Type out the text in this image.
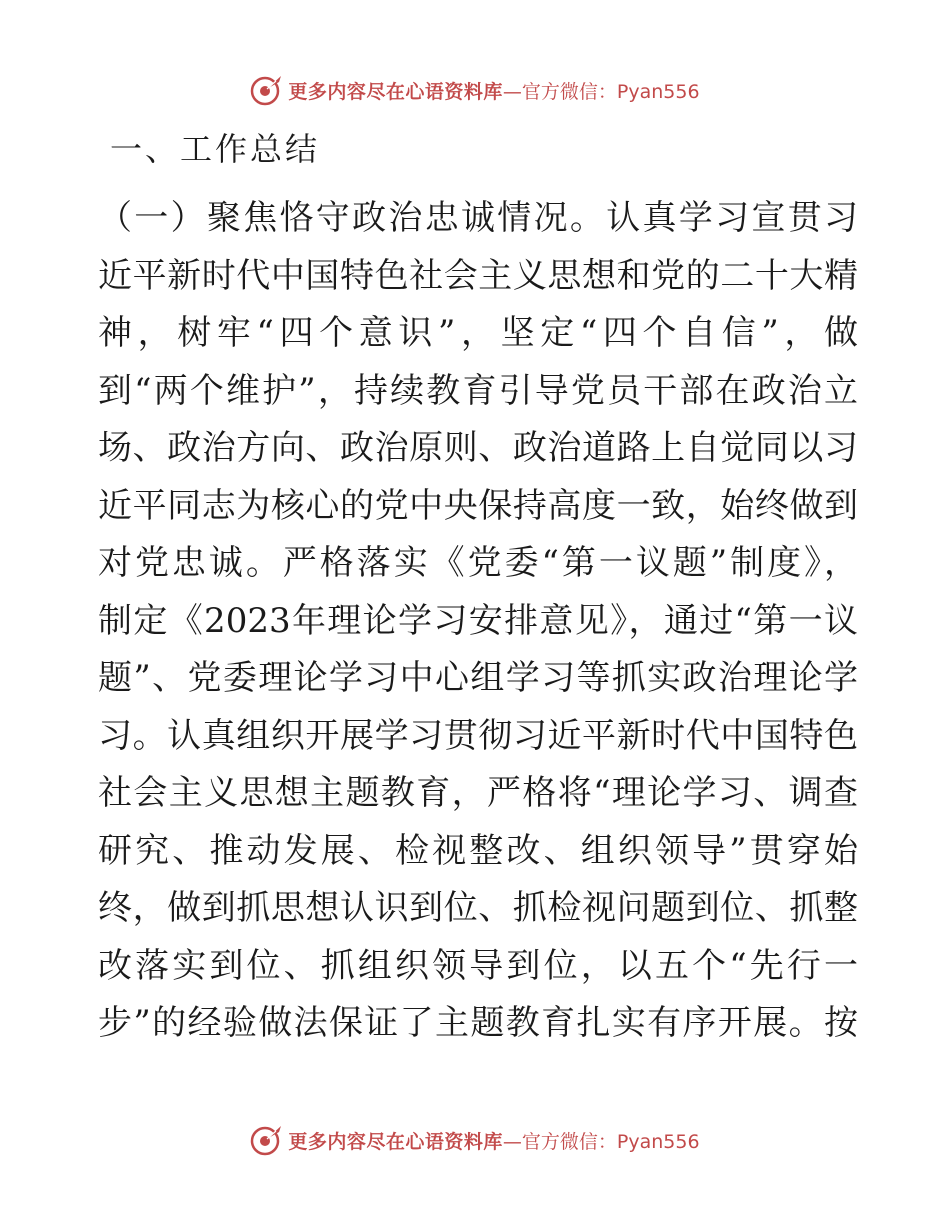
更多内容尽在心语资料库 —官方微信：Pyan556
一、工作总结
（一）聚焦恪守政治忠诚情况。认真学习宣贯习
近平新时代中国特色社会主义思想和党的二十大精
神，树牢“四个意识”，坚定“四个自信”，做
到“两个维护”，持续教育引导党员干部在政治立
场、政治方向、政治原则、政治道路上自觉同以习
近平同志为核心的党中央保持高度一致，始终做到
对党忠诚。严格落实《党委“第一议题”制度》，
制定《2023年理论学习安排意见》，通过“第一议
题”、党委理论学习中心组学习等抓实政治理论学
习。认真组织开展学习贯彻习近平新时代中国特色
社会主义思想主题教育，严格将“理论学习、调查
研究、推动发展、检视整改、组织领导”贯穿始
终，做到抓思想认识到位、抓检视问题到位、抓整
改落实到位、抓组织领导到位，以五个“先行一
步”的经验做法保证了主题教育扎实有序开展。按
更多内容尽在心语资料库 —官方微信：Pyan556
